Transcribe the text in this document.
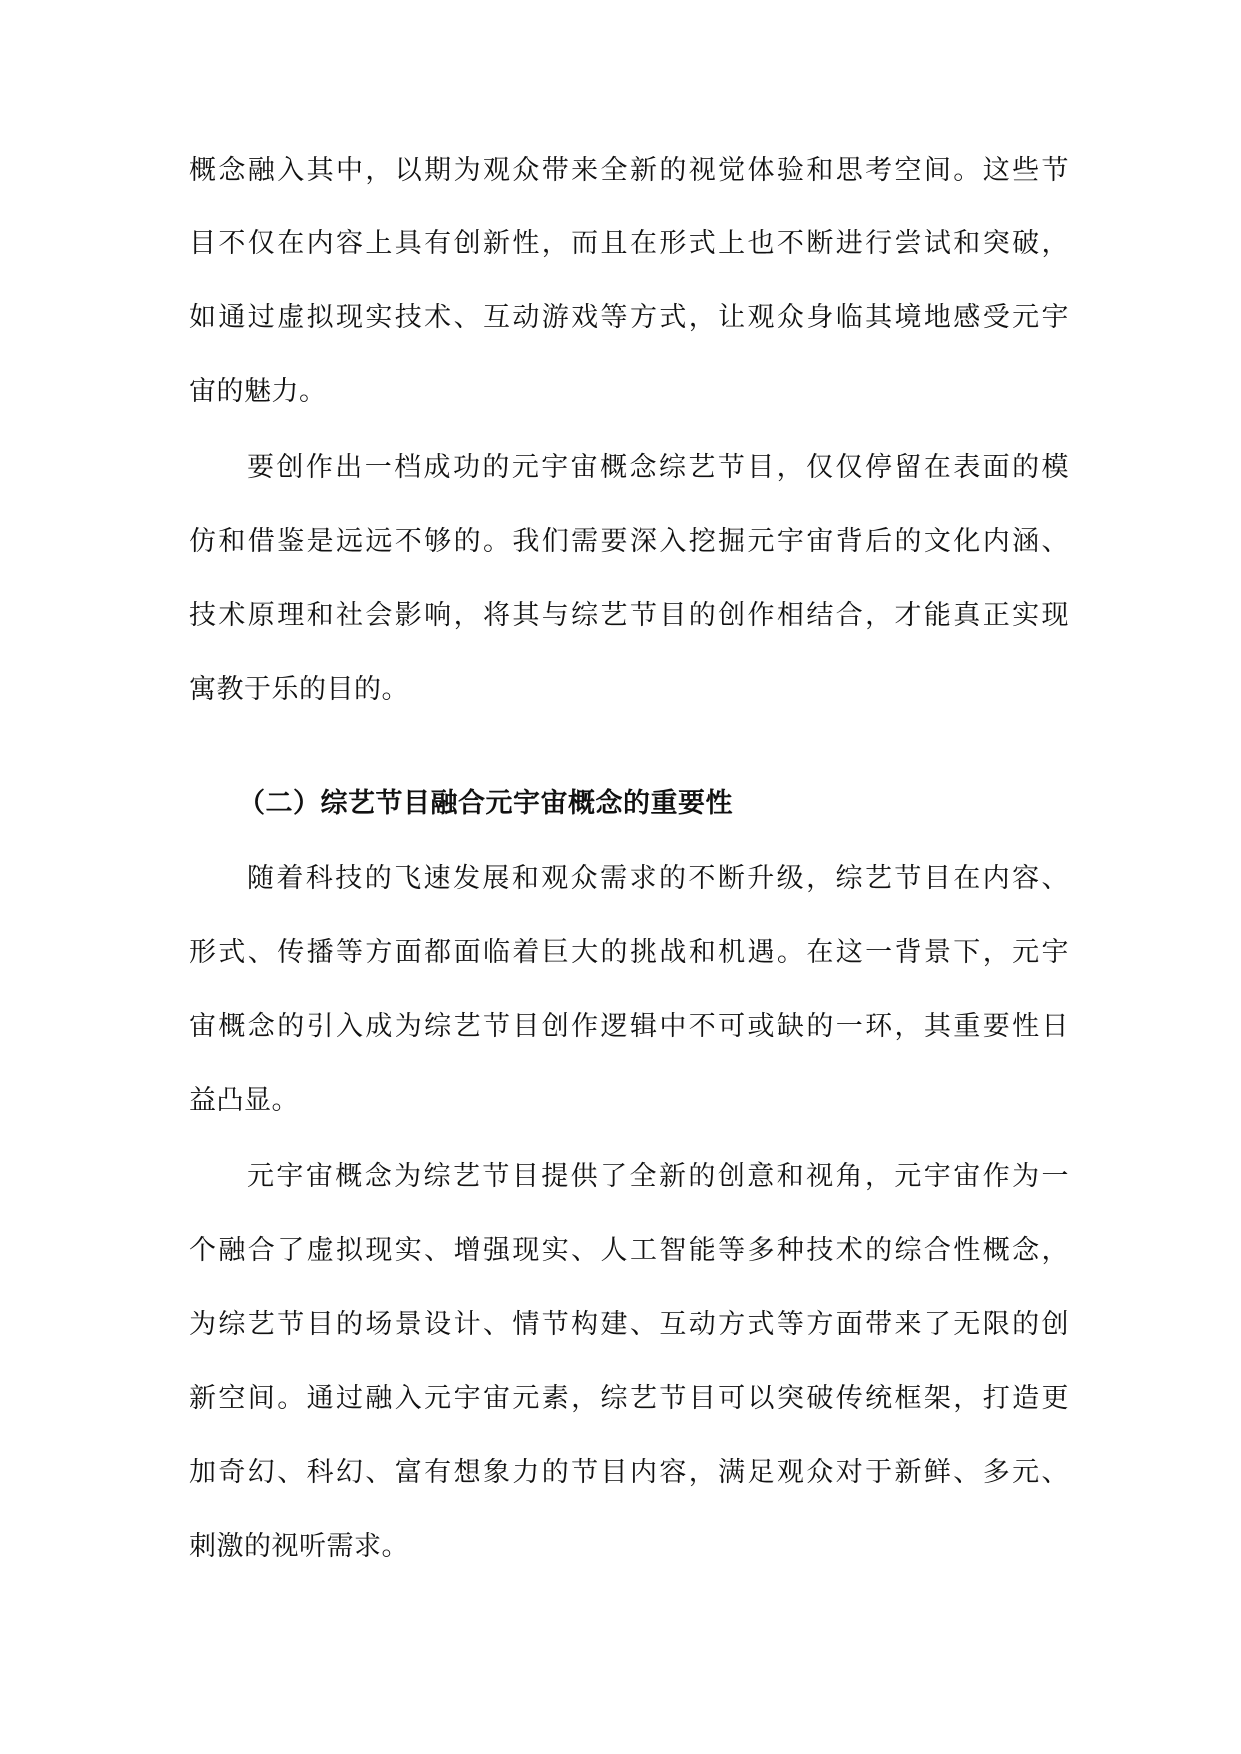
概念融入其中，以期为观众带来全新的视觉体验和思考空间。这些节
目不仅在内容上具有创新性，而且在形式上也不断进行尝试和突破，
如通过虚拟现实技术、互动游戏等方式，让观众身临其境地感受元宇
宙的魅力。
要创作出一档成功的元宇宙概念综艺节目，仅仅停留在表面的模
仿和借鉴是远远不够的。我们需要深入挖掘元宇宙背后的文化内涵、
技术原理和社会影响，将其与综艺节目的创作相结合，才能真正实现
寓教于乐的目的。
（二）综艺节目融合元宇宙概念的重要性
随着科技的飞速发展和观众需求的不断升级，综艺节目在内容、
形式、传播等方面都面临着巨大的挑战和机遇。在这一背景下，元宇
宙概念的引入成为综艺节目创作逻辑中不可或缺的一环，其重要性日
益凸显。
元宇宙概念为综艺节目提供了全新的创意和视角，元宇宙作为一
个融合了虚拟现实、增强现实、人工智能等多种技术的综合性概念，
为综艺节目的场景设计、情节构建、互动方式等方面带来了无限的创
新空间。通过融入元宇宙元素，综艺节目可以突破传统框架，打造更
加奇幻、科幻、富有想象力的节目内容，满足观众对于新鲜、多元、
刺激的视听需求。
